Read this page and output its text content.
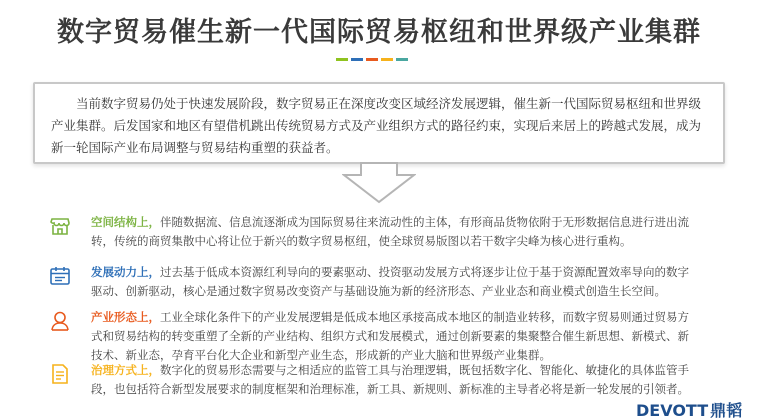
数字贸易催生新一代国际贸易枢纽和世界级产业集群
当前数字贸易仍处于快速发展阶段，数字贸易正在深度改变区域经济发展逻辑，催生新一代国际贸易枢纽和世界级产业集群。后发国家和地区有望借机跳出传统贸易方式及产业组织方式的路径约束，实现后来居上的跨越式发展，成为新一轮国际产业布局调整与贸易结构重塑的获益者。
空间结构上，伴随数据流、信息流逐渐成为国际贸易往来流动性的主体，有形商品货物依附于无形数据信息进行进出流转，传统的商贸集散中心将让位于新兴的数字贸易枢纽，使全球贸易版图以若干数字尖峰为核心进行重构。
发展动力上，过去基于低成本资源红利导向的要素驱动、投资驱动发展方式将逐步让位于基于资源配置效率导向的数字驱动、创新驱动，核心是通过数字贸易改变资产与基础设施为新的经济形态、产业业态和商业模式创造生长空间。
产业形态上，工业全球化条件下的产业发展逻辑是低成本地区承接高成本地区的制造业转移，而数字贸易则通过贸易方式和贸易结构的转变重塑了全新的产业结构、组织方式和发展模式，通过创新要素的集聚整合催生新思想、新模式、新技术、新业态，孕育平台化大企业和新型产业生态，形成新的产业大脑和世界级产业集群。
治理方式上，数字化的贸易形态需要与之相适应的监管工具与治理逻辑，既包括数字化、智能化、敏捷化的具体监管手段，也包括符合新型发展要求的制度框架和治理标准，新工具、新规则、新标准的主导者必将是新一轮发展的引领者。
DEVOTT 鼎韬
